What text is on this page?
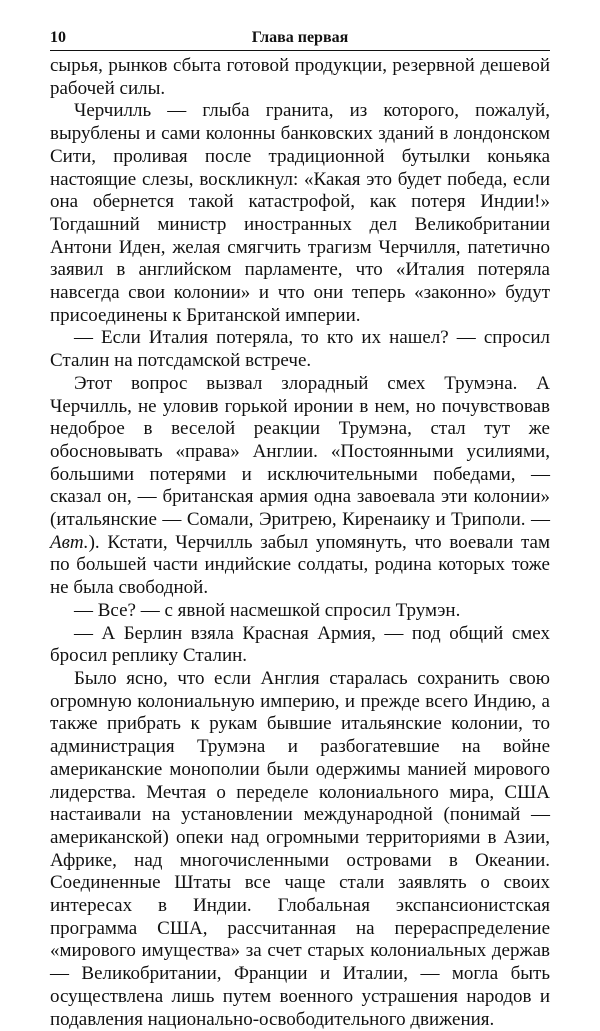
10	Глава первая

сырья, рынков сбыта готовой продукции, резервной дешевой рабочей силы.

Черчилль — глыба гранита, из которого, пожалуй, вырублены и сами колонны банковских зданий в лондонском Сити, проливая после традиционной бутылки коньяка настоящие слезы, воскликнул: «Какая это будет победа, если она обернется такой катастрофой, как потеря Индии!» Тогдашний министр иностранных дел Великобритании Антони Иден, желая смягчить трагизм Черчилля, патетично заявил в английском парламенте, что «Италия потеряла навсегда свои колонии» и что они теперь «законно» будут присоединены к Британской империи.

— Если Италия потеряла, то кто их нашел? — спросил Сталин на потсдамской встрече.

Этот вопрос вызвал злорадный смех Трумэна. А Черчилль, не уловив горькой иронии в нем, но почувствовав недоброе в веселой реакции Трумэна, стал тут же обосновывать «права» Англии. «Постоянными усилиями, большими потерями и исключительными победами, — сказал он, — британская армия одна завоевала эти колонии» (итальянские — Сомали, Эритрею, Киренаику и Триполи. — Авт.). Кстати, Черчилль забыл упомянуть, что воевали там по большей части индийские солдаты, родина которых тоже не была свободной.

— Все? — с явной насмешкой спросил Трумэн.

— А Берлин взяла Красная Армия, — под общий смех бросил реплику Сталин.

Было ясно, что если Англия старалась сохранить свою огромную колониальную империю, и прежде всего Индию, а также прибрать к рукам бывшие итальянские колонии, то администрация Трумэна и разбогатевшие на войне американские монополии были одержимы манией мирового лидерства. Мечтая о переделе колониального мира, США настаивали на установлении международной (понимай — американской) опеки над огромными территориями в Азии, Африке, над многочисленными островами в Океании. Соединенные Штаты все чаще стали заявлять о своих интересах в Индии. Глобальная экспансионистская программа США, рассчитанная на перераспределение «мирового имущества» за счет старых колониальных держав — Великобритании, Франции и Италии, — могла быть осуществлена лишь путем военного устрашения народов и подавления национально-освободительного движения.
